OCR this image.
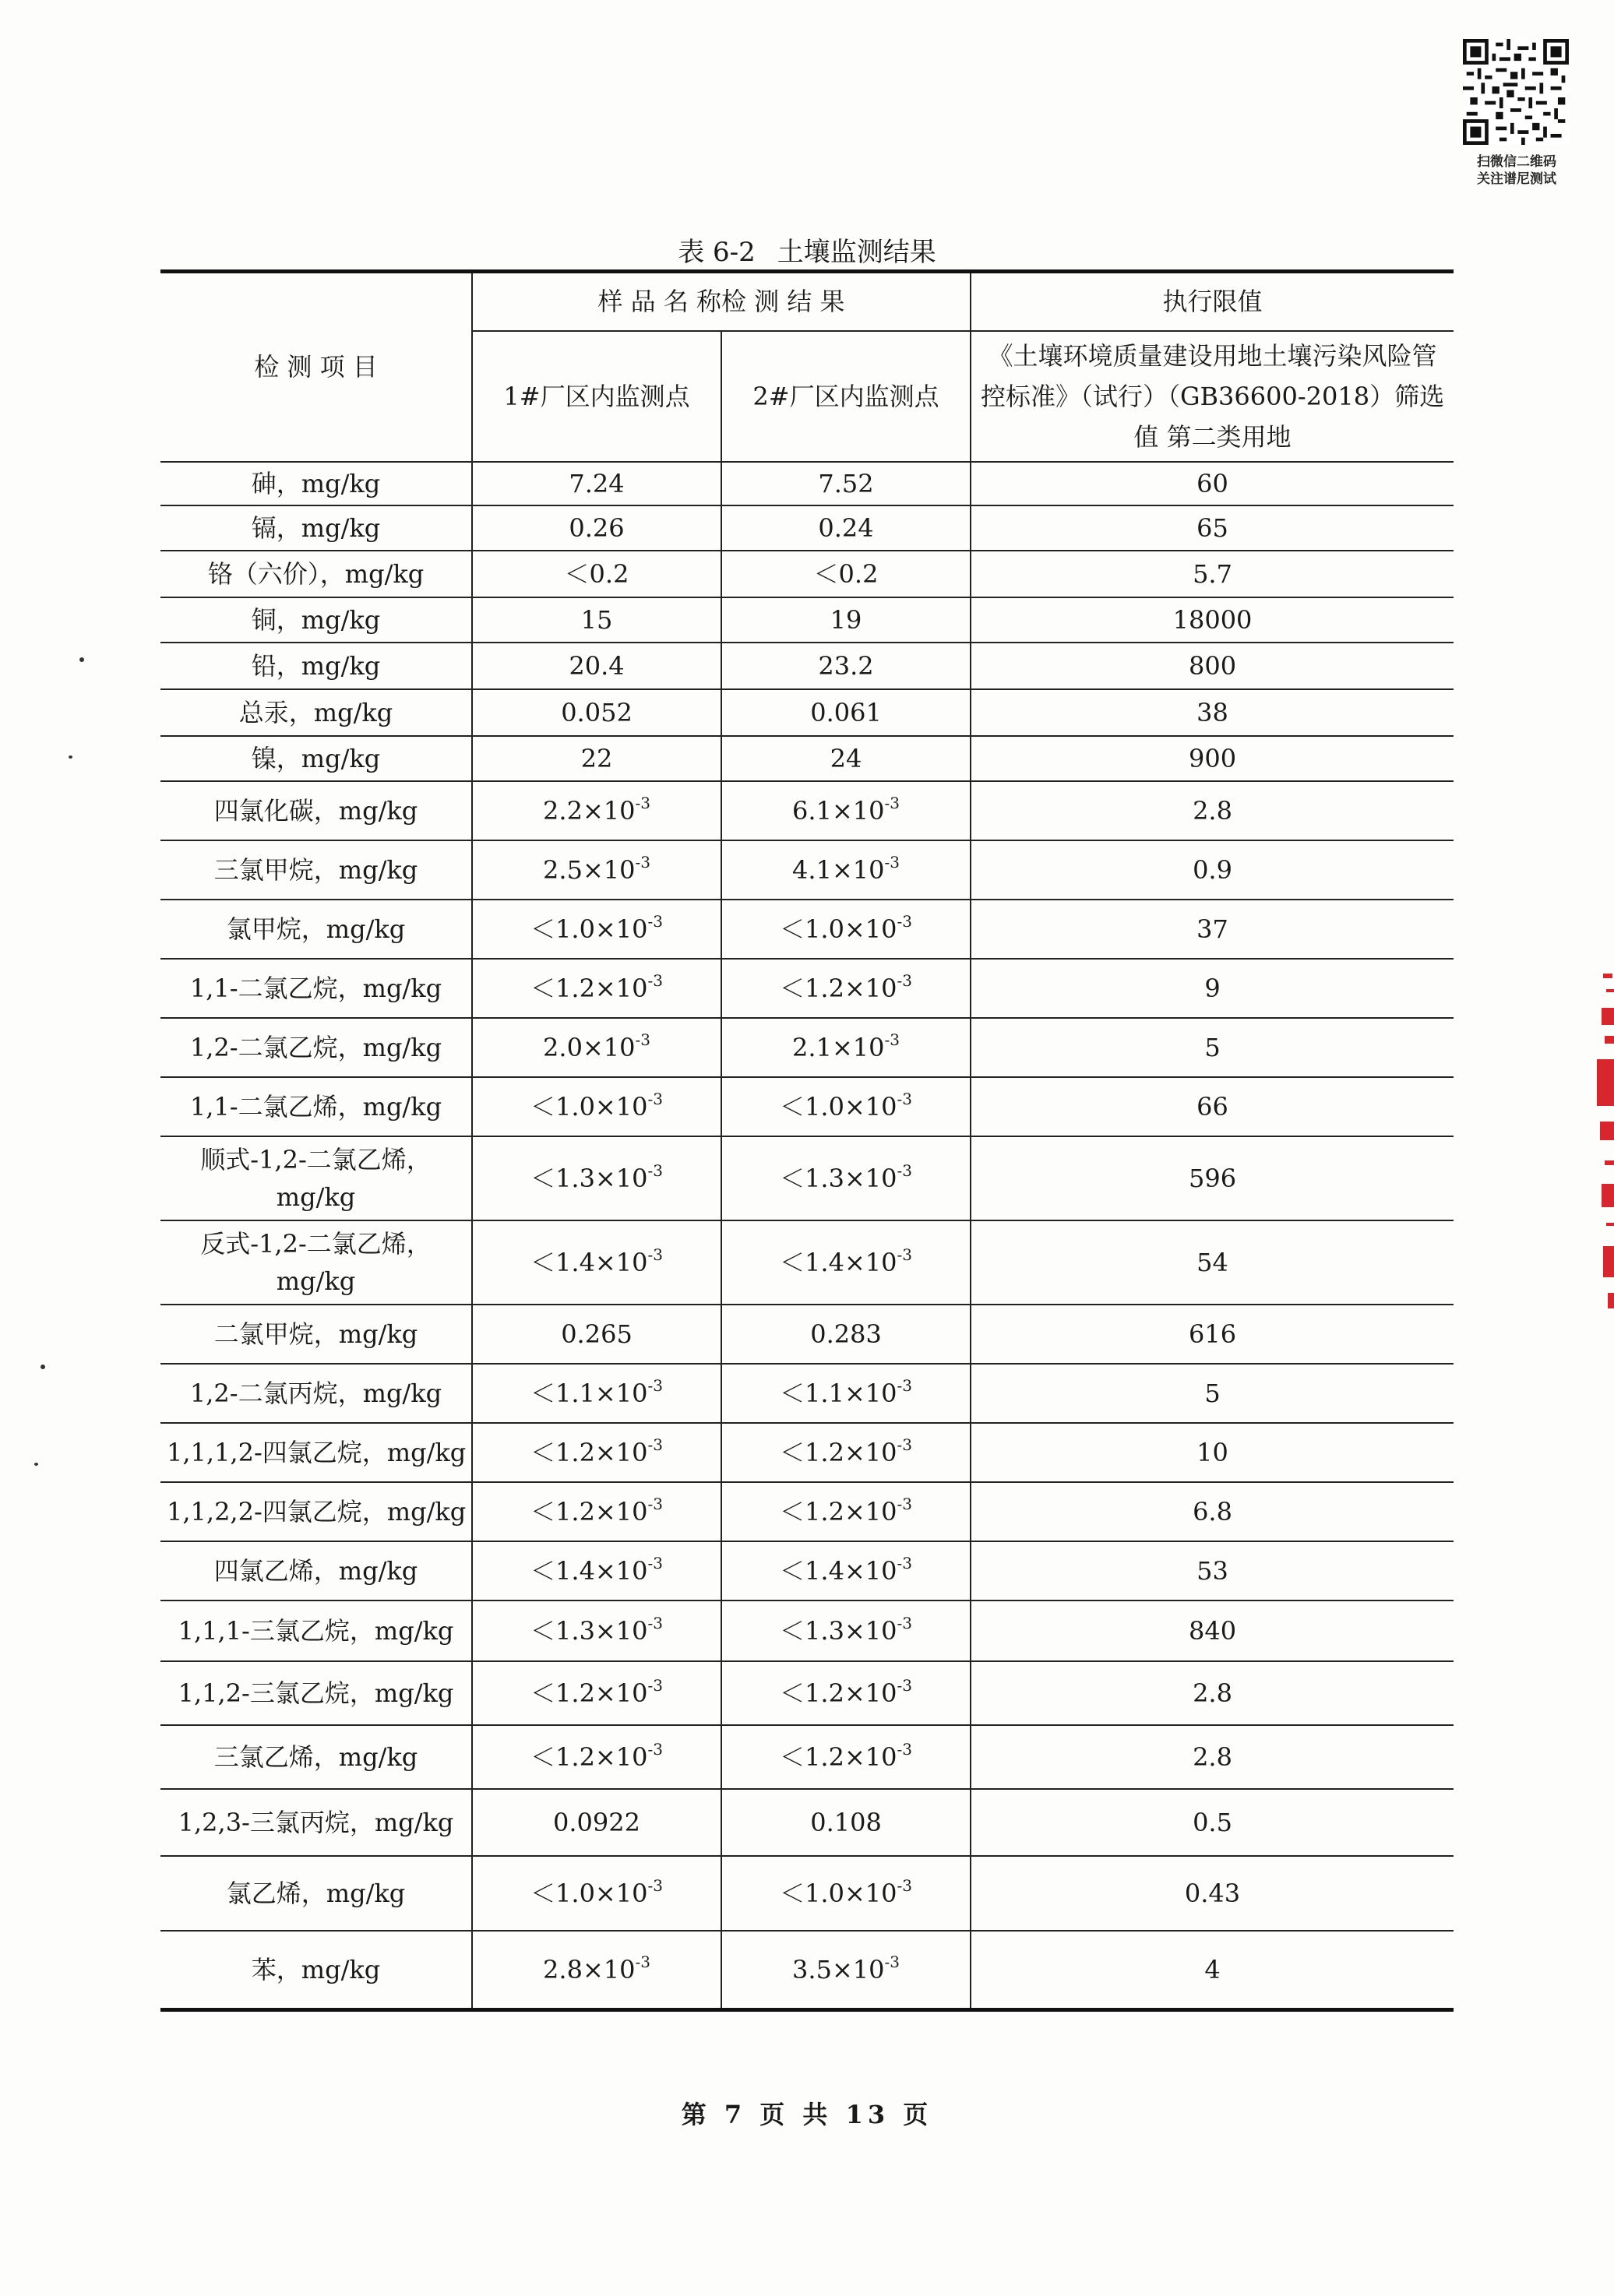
扫微信二维码
关注谱尼测试
表 6-2 土壤监测结果
检 测 项 目	样 品 名 称检 测 结 果		执行限值
	1#厂区内监测点	2#厂区内监测点	《土壤环境质量建设用地土壤污染风险管控标准》（试行）（GB36600-2018）筛选值 第二类用地
砷，mg/kg	7.24	7.52	60
镉，mg/kg	0.26	0.24	65
铬（六价），mg/kg	＜0.2	＜0.2	5.7
铜，mg/kg	15	19	18000
铅，mg/kg	20.4	23.2	800
总汞，mg/kg	0.052	0.061	38
镍，mg/kg	22	24	900
四氯化碳，mg/kg	$2.2\times 10^{-3}$	$6.1\times 10^{-3}$	2.8
三氯甲烷，mg/kg	$2.5\times 10^{-3}$	$4.1\times 10^{-3}$	0.9
氯甲烷，mg/kg	$<1.0\times 10^{-3}$	$<1.0\times 10^{-3}$	37
1,1-二氯乙烷，mg/kg	$<1.2\times 10^{-3}$	$<1.2\times 10^{-3}$	9
1,2-二氯乙烷，mg/kg	$2.0\times 10^{-3}$	$2.1\times 10^{-3}$	5
1,1-二氯乙烯，mg/kg	$<1.0\times 10^{-3}$	$<1.0\times 10^{-3}$	66
顺式-1,2-二氯乙烯，mg/kg	$<1.3\times 10^{-3}$	$<1.3\times 10^{-3}$	596
反式-1,2-二氯乙烯，mg/kg	$<1.4\times 10^{-3}$	$<1.4\times 10^{-3}$	54
二氯甲烷，mg/kg	0.265	0.283	616
1,2-二氯丙烷，mg/kg	$<1.1\times 10^{-3}$	$<1.1\times 10^{-3}$	5
1,1,1,2-四氯乙烷，mg/kg	$<1.2\times 10^{-3}$	$<1.2\times 10^{-3}$	10
1,1,2,2-四氯乙烷，mg/kg	$<1.2\times 10^{-3}$	$<1.2\times 10^{-3}$	6.8
四氯乙烯，mg/kg	$<1.4\times 10^{-3}$	$<1.4\times 10^{-3}$	53
1,1,1-三氯乙烷，mg/kg	$<1.3\times 10^{-3}$	$<1.3\times 10^{-3}$	840
1,1,2-三氯乙烷，mg/kg	$<1.2\times 10^{-3}$	$<1.2\times 10^{-3}$	2.8
三氯乙烯，mg/kg	$<1.2\times 10^{-3}$	$<1.2\times 10^{-3}$	2.8
1,2,3-三氯丙烷，mg/kg	0.0922	0.108	0.5
氯乙烯，mg/kg	$<1.0\times 10^{-3}$	$<1.0\times 10^{-3}$	0.43
苯，mg/kg	$2.8\times 10^{-3}$	$3.5\times 10^{-3}$	4
第 7 页 共 13 页
